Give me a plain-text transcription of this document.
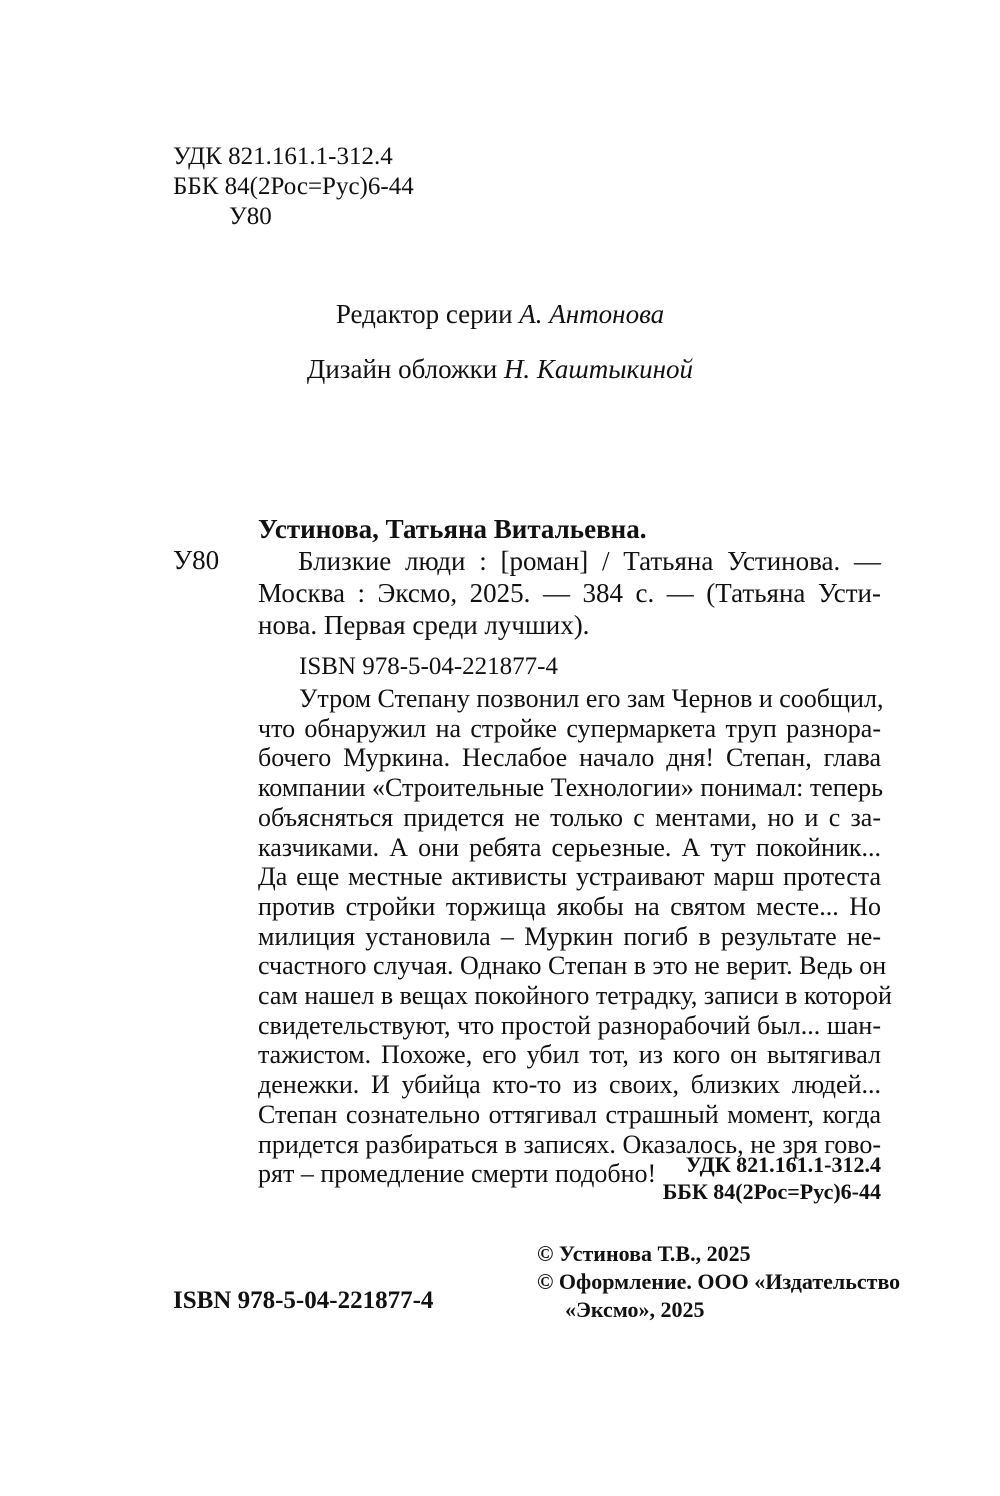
УДК 821.161.1-312.4
ББК 84(2Рос=Рус)6-44
У80
Редактор серии А. Антонова
Дизайн обложки Н. Каштыкиной
Устинова, Татьяна Витальевна.
У80	Близкие люди : [роман] / Татьяна Устинова. —
Москва : Эксмо, 2025. — 384 с. — (Татьяна Усти-
нова. Первая среди лучших).
ISBN 978-5-04-221877-4
Утром Степану позвонил его зам Чернов и сообщил,
что обнаружил на стройке супермаркета труп разнора-
бочего Муркина. Неслабое начало дня! Степан, глава
компании «Строительные Технологии» понимал: теперь
объясняться придется не только с ментами, но и с за-
казчиками. А они ребята серьезные. А тут покойник...
Да еще местные активисты устраивают марш протеста
против стройки торжища якобы на святом месте... Но
милиция установила – Муркин погиб в результате не-
счастного случая. Однако Степан в это не верит. Ведь он
сам нашел в вещах покойного тетрадку, записи в которой
свидетельствуют, что простой разнорабочий был... шан-
тажистом. Похоже, его убил тот, из кого он вытягивал
денежки. И убийца кто-то из своих, близких людей...
Степан сознательно оттягивал страшный момент, когда
придется разбираться в записях. Оказалось, не зря гово-
рят – промедление смерти подобно!	УДК 821.161.1-312.4
ББК 84(2Рос=Рус)6-44
© Устинова Т.В., 2025
© Оформление. ООО «Издательство
«Эксмо», 2025
ISBN 978-5-04-221877-4
